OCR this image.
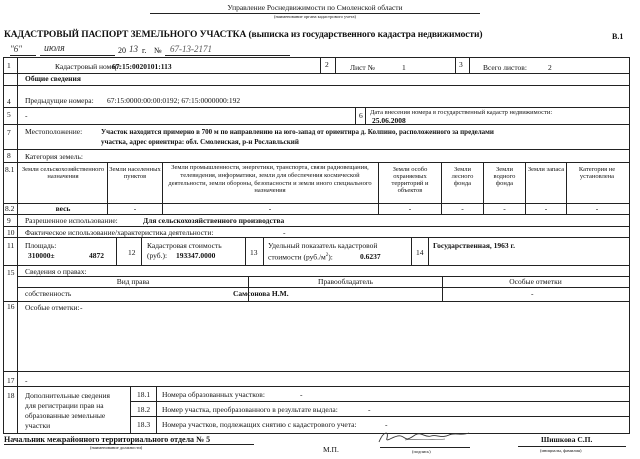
Управление Роснедвижимости по Смоленской области
(наименование органа кадастрового учета)
КАДАСТРОВЫЙ ПАСПОРТ ЗЕМЕЛЬНОГО УЧАСТКА (выписка из государственного кадастра недвижимости)	В.1
"6" июля	20 13 г. № 67-13-2171
1	Кадастровый номер:
67:15:0020101:113	2	Лист №	1	3	Всего листов:	2
Общие сведения
4 Предыдущие номера: 67:15:0000:00:00:0192; 67:15:0000000:192
5 -	6 Дата внесения номера в государственный кадастр недвижимости:
25.06.2008
7 Местоположение:	Участок находится примерно в 700 м по направлению на юго-запад от ориентира д. Колпино, расположенного за пределами
участка, адрес ориентира: обл. Смоленская, р-н Рославльский
8 Категория земель:
8.1 Земли сельскохозяйственного назначения
Земли населенных пунктов
Земли промышленности, энергетики, транспорта, связи радиовещания, телевидения, информатики, земли для обеспечения космической деятельности, земли обороны, безопасности и земли иного специального назначения
Земли особо охраняемых территорий и объектов
Земли лесного фонда
Земли водного фонда
Земли запаса	Категория не установлена
8.2	весь	-	-	-	-	-	-	-
9 Разрешенное использование:	Для сельскохозяйственного производства
10 Фактическое использование/характеристика деятельности:	-
11 Площадь:
310000±	4872	12
Кадастровая стоимость
(руб.): 193347.0000	13
Удельный показатель кадастровой
стоимости $(руб./м^2)$:	0.6237	14
Государственная, 1963 г.
15 Сведения о правах:
Вид права	Правообладатель	Особые отметки
собственность	Самсонова Н.М.	-
16 Особые отметки: -
17 -
18 Дополнительные сведения
для регистрации прав на
образованные земельные
участки
18.1	Номера образованных участков:	-
18.2	Номер участка, преобразованного в результате выдела:	-
18.3	Номера участков, подлежащих снятию с кадастрового учета:	-
Начальник межрайонного территориального отдела № 5
(наименование должности)	М.П.	(подпись)
Шишкова С.П.
(инициалы, фамилия)
